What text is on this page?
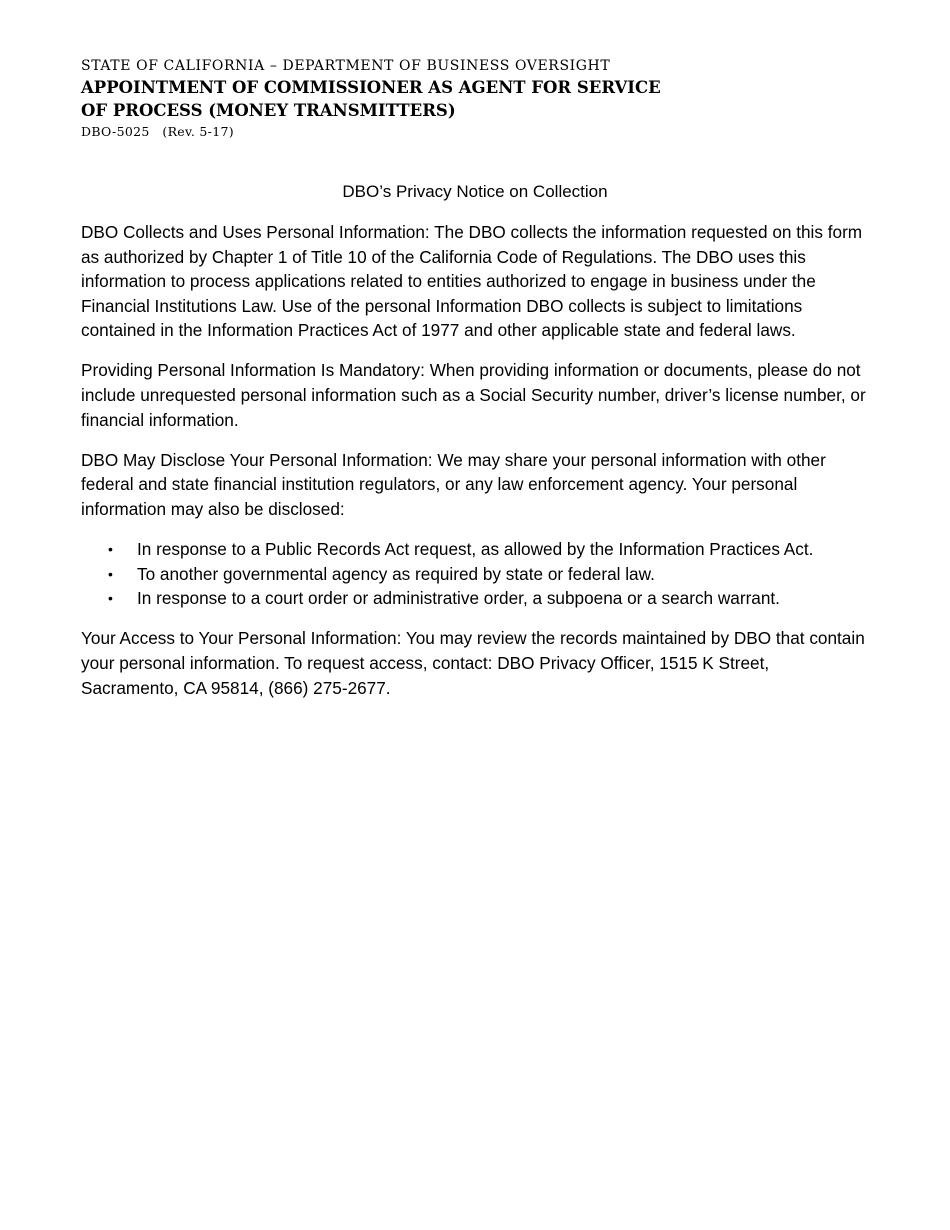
STATE OF CALIFORNIA – DEPARTMENT OF BUSINESS OVERSIGHT
APPOINTMENT OF COMMISSIONER AS AGENT FOR SERVICE
OF PROCESS (MONEY TRANSMITTERS)
DBO-5025   (Rev. 5-17)
DBO’s Privacy Notice on Collection

DBO Collects and Uses Personal Information: The DBO collects the information requested on this form as authorized by Chapter 1 of Title 10 of the California Code of Regulations. The DBO uses this information to process applications related to entities authorized to engage in business under the Financial Institutions Law. Use of the personal Information DBO collects is subject to limitations contained in the Information Practices Act of 1977 and other applicable state and federal laws.

Providing Personal Information Is Mandatory: When providing information or documents, please do not include unrequested personal information such as a Social Security number, driver’s license number, or financial information.

DBO May Disclose Your Personal Information: We may share your personal information with other federal and state financial institution regulators, or any law enforcement agency. Your personal information may also be disclosed:

• In response to a Public Records Act request, as allowed by the Information Practices Act.
• To another governmental agency as required by state or federal law.
• In response to a court order or administrative order, a subpoena or a search warrant.

Your Access to Your Personal Information: You may review the records maintained by DBO that contain your personal information. To request access, contact: DBO Privacy Officer, 1515 K Street, Sacramento, CA 95814, (866) 275-2677.
